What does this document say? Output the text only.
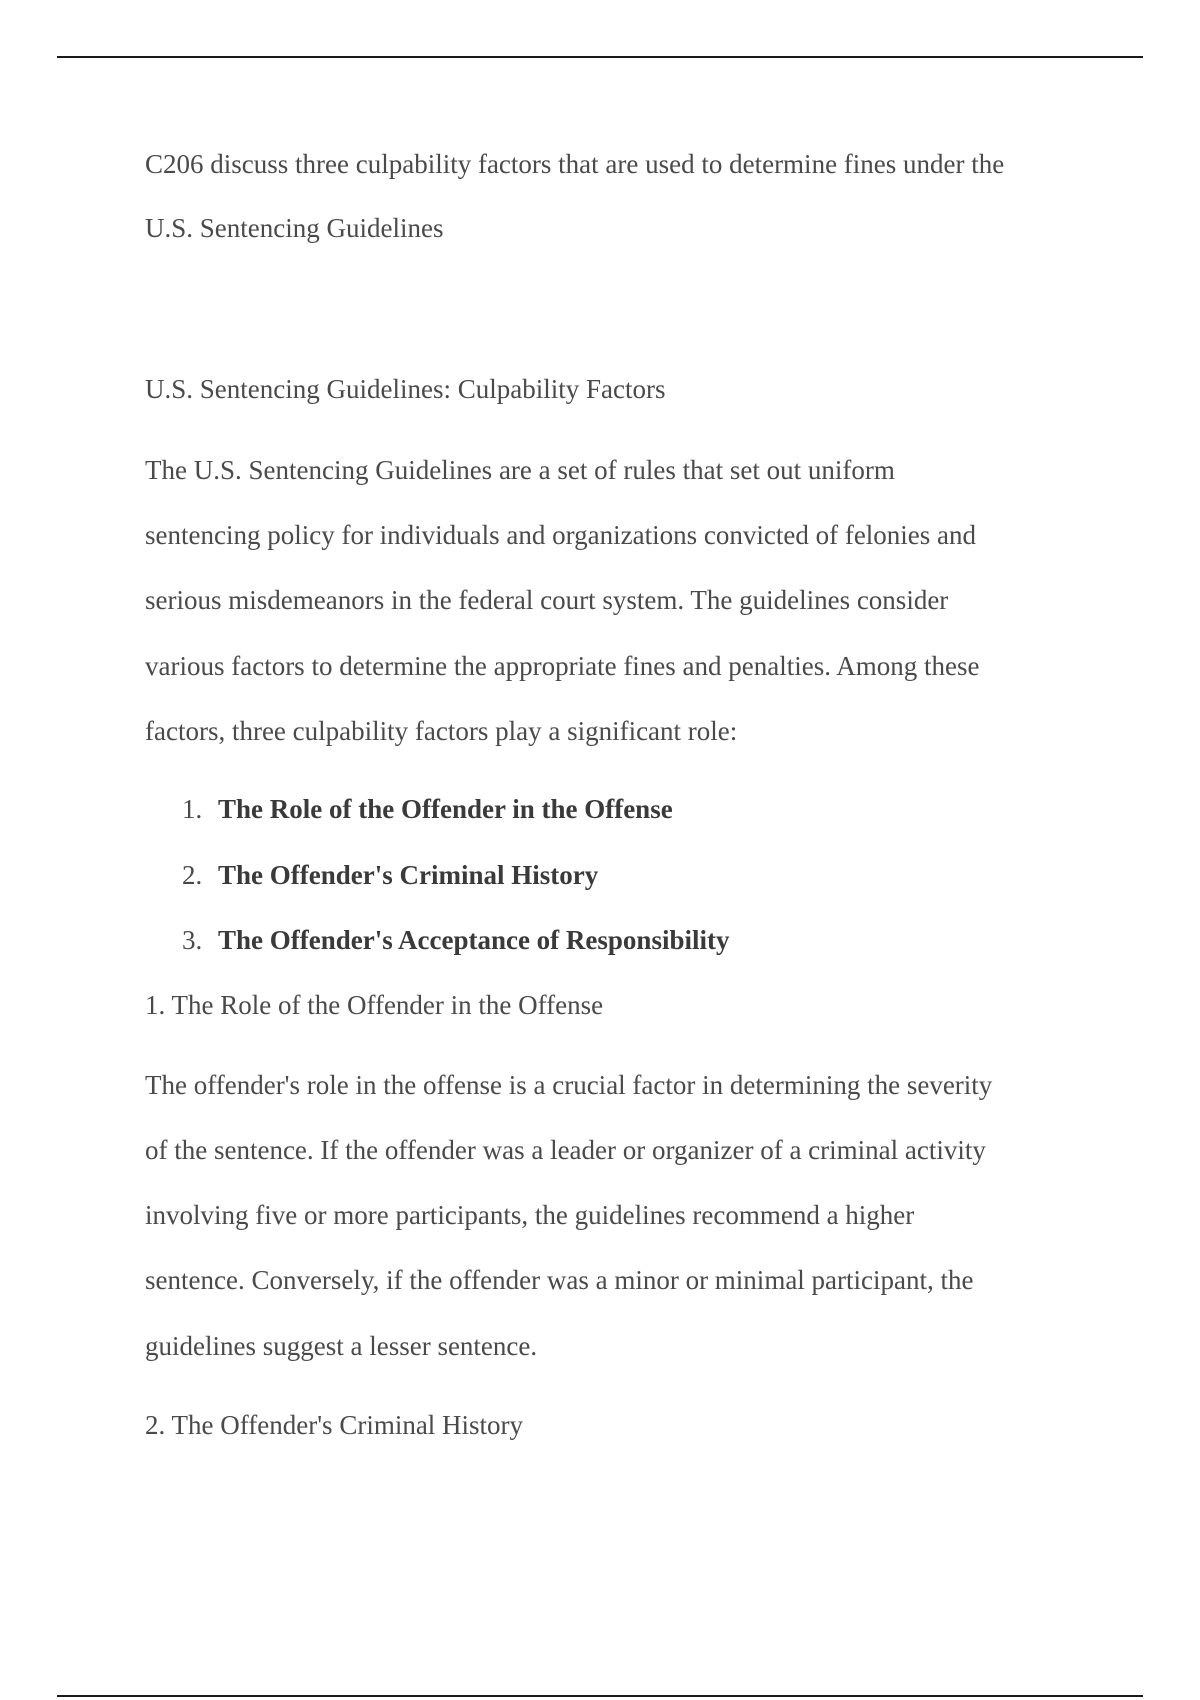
C206 discuss three culpability factors that are used to determine fines under the
U.S. Sentencing Guidelines
U.S. Sentencing Guidelines: Culpability Factors
The U.S. Sentencing Guidelines are a set of rules that set out uniform
sentencing policy for individuals and organizations convicted of felonies and
serious misdemeanors in the federal court system. The guidelines consider
various factors to determine the appropriate fines and penalties. Among these
factors, three culpability factors play a significant role:
1. The Role of the Offender in the Offense
2. The Offender's Criminal History
3. The Offender's Acceptance of Responsibility
1. The Role of the Offender in the Offense
The offender's role in the offense is a crucial factor in determining the severity
of the sentence. If the offender was a leader or organizer of a criminal activity
involving five or more participants, the guidelines recommend a higher
sentence. Conversely, if the offender was a minor or minimal participant, the
guidelines suggest a lesser sentence.
2. The Offender's Criminal History
